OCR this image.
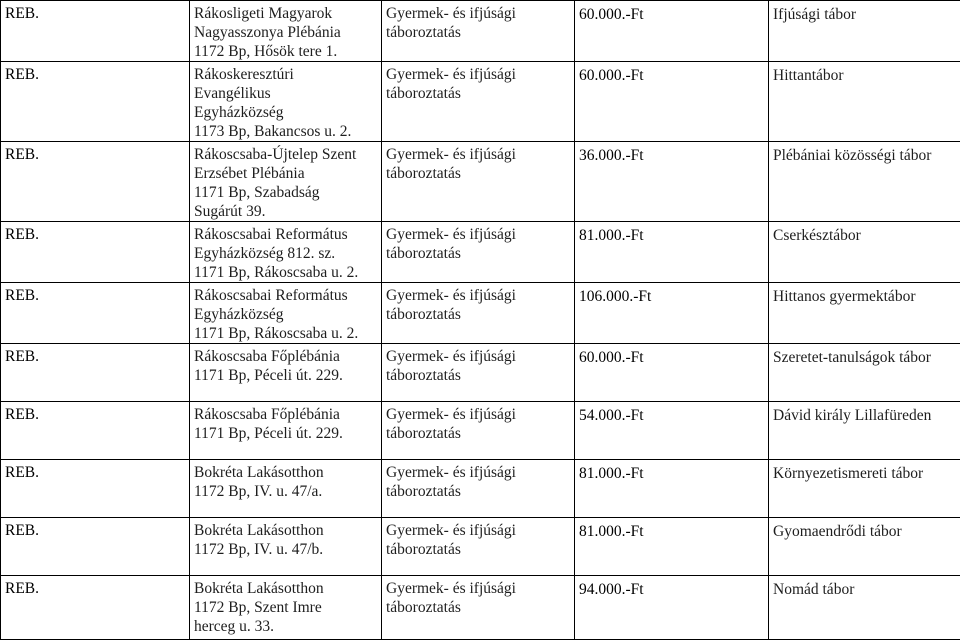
REB.	Rákosligeti Magyarok
Nagyasszonya Plébánia
1172 Bp, Hősök tere 1.	Gyermek- és ifjúsági
táboroztatás	60.000.-Ft	Ifjúsági tábor

REB.	Rákoskeresztúri
Evangélikus
Egyházközség
1173 Bp, Bakancsos u. 2.	Gyermek- és ifjúsági
táboroztatás	60.000.-Ft	Hittantábor

REB.	Rákoscsaba-Újtelep Szent
Erzsébet Plébánia
1171 Bp, Szabadság
Sugárút 39.	Gyermek- és ifjúsági
táboroztatás	36.000.-Ft	Plébániai közösségi tábor

REB.	Rákoscsabai Református
Egyházközség 812. sz.
1171 Bp, Rákoscsaba u. 2.	Gyermek- és ifjúsági
táboroztatás	81.000.-Ft	Cserkésztábor

REB.	Rákoscsabai Református
Egyházközség
1171 Bp, Rákoscsaba u. 2.	Gyermek- és ifjúsági
táboroztatás	106.000.-Ft	Hittanos gyermektábor

REB.	Rákoscsaba Főplébánia
1171 Bp, Péceli út. 229.	Gyermek- és ifjúsági
táboroztatás	60.000.-Ft	Szeretet-tanulságok tábor

REB.	Rákoscsaba Főplébánia
1171 Bp, Péceli út. 229.	Gyermek- és ifjúsági
táboroztatás	54.000.-Ft	Dávid király Lillafüreden

REB.	Bokréta Lakásotthon
1172 Bp, IV. u. 47/a.	Gyermek- és ifjúsági
táboroztatás	81.000.-Ft	Környezetismereti tábor

REB.	Bokréta Lakásotthon
1172 Bp, IV. u. 47/b.	Gyermek- és ifjúsági
táboroztatás	81.000.-Ft	Gyomaendrődi tábor

REB.	Bokréta Lakásotthon
1172 Bp, Szent Imre
herceg u. 33.	Gyermek- és ifjúsági
táboroztatás	94.000.-Ft	Nomád tábor
